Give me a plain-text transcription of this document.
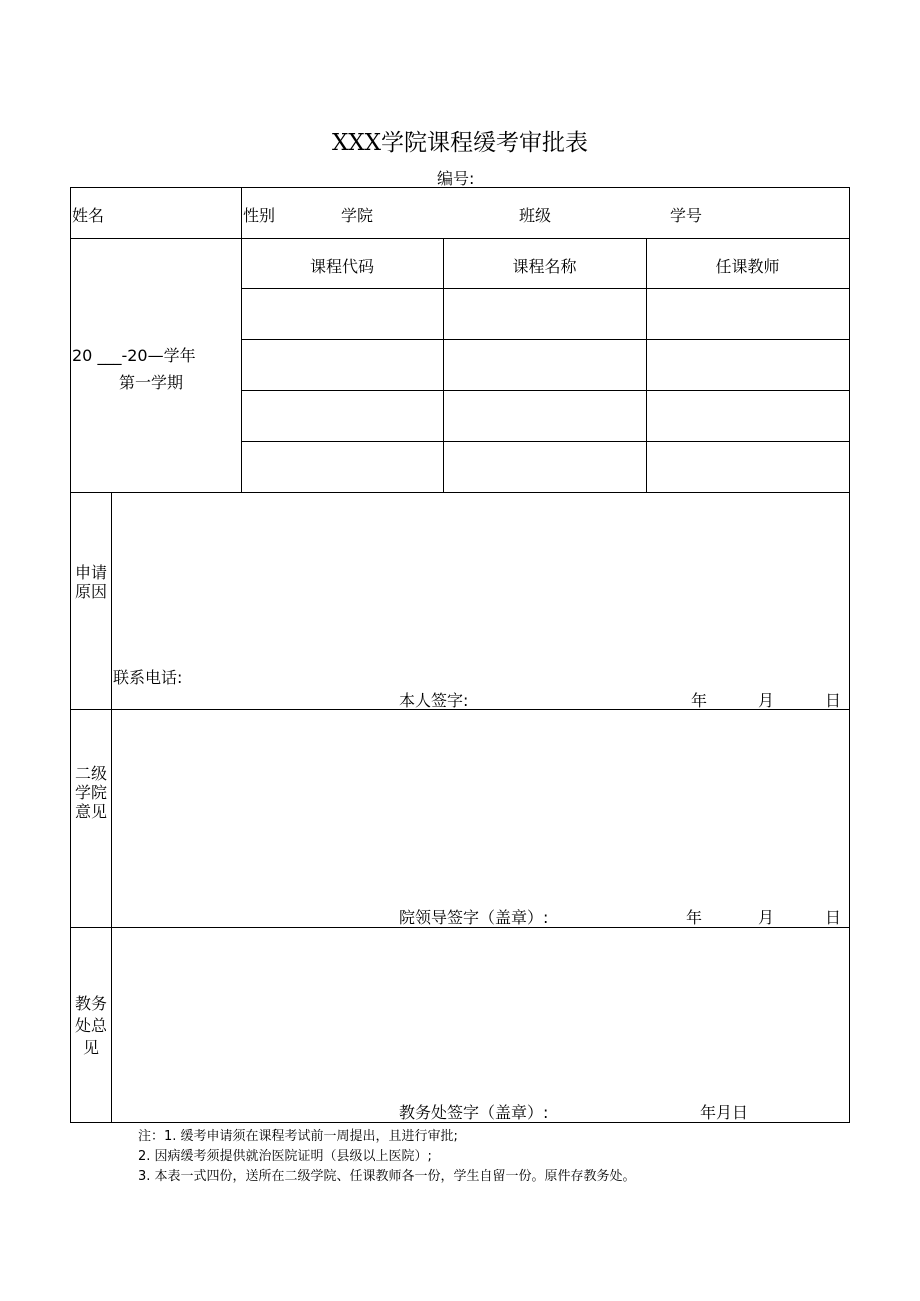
XXX学院课程缓考审批表
编号:
姓名	性别	学院	班级	学号
20 ___-20—学年
第一学期
课程代码	课程名称	任课教师
申请原因
联系电话:
本人签字:	年	月	日
二级学院意见
院领导签字（盖章）:	年	月	日
教务处总见
教务处签字（盖章）:	年月日
注：1. 缓考申请须在课程考试前一周提出，且进行审批;
2. 因病缓考须提供就治医院证明（县级以上医院）;
3. 本表一式四份，送所在二级学院、任课教师各一份，学生自留一份。原件存教务处。
